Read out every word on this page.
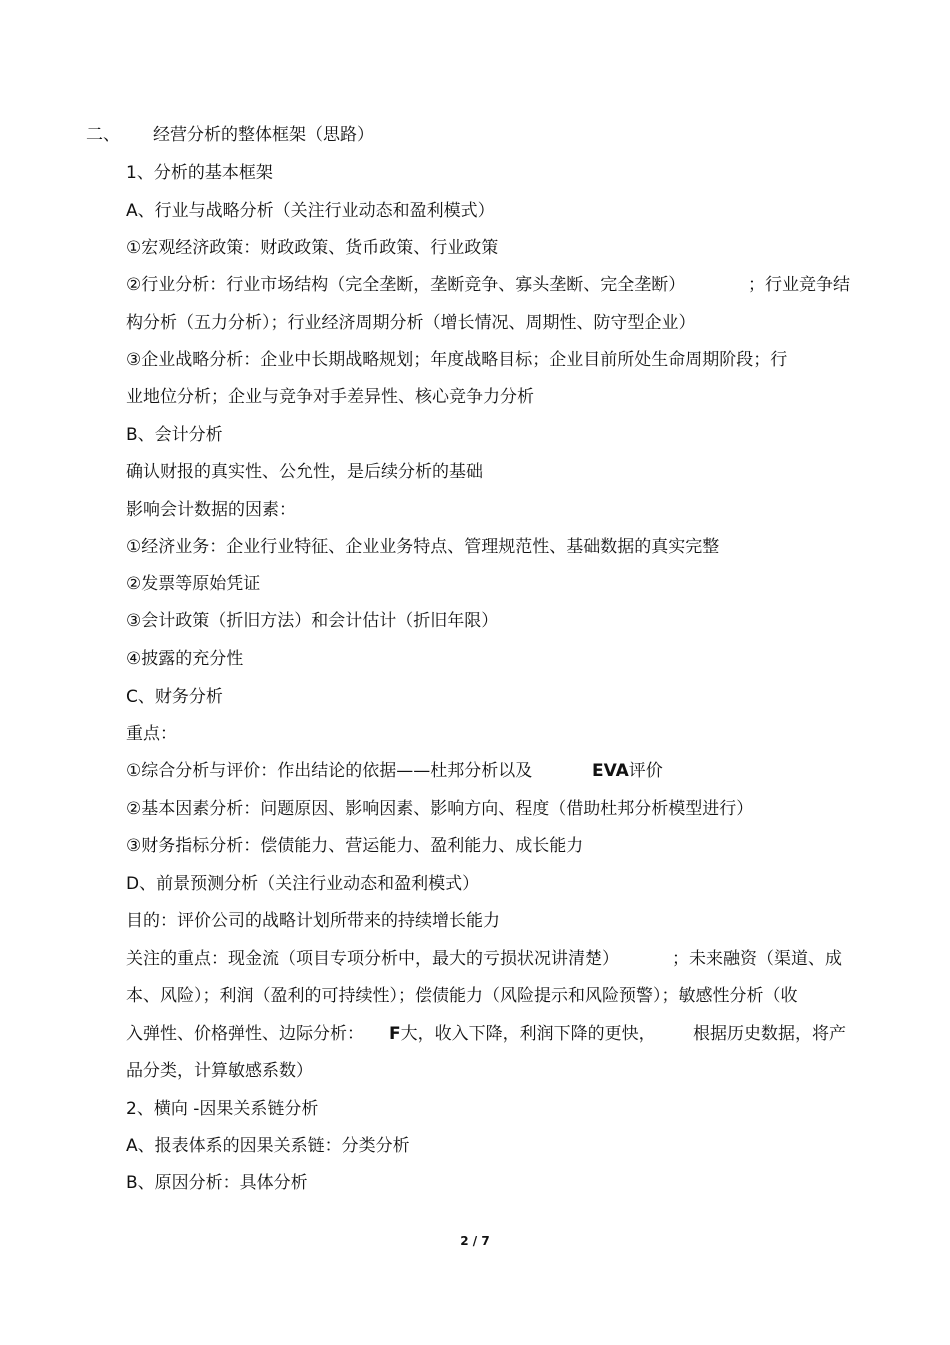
二、 经营分析的整体框架（思路）
1、分析的基本框架
A、行业与战略分析（关注行业动态和盈利模式）
①宏观经济政策：财政政策、货币政策、行业政策
②行业分析：行业市场结构（完全垄断，垄断竞争、寡头垄断、完全垄断）	；行业竞争结
构分析（五力分析）；行业经济周期分析（增长情况、周期性、防守型企业）
③企业战略分析：企业中长期战略规划；年度战略目标；企业目前所处生命周期阶段；行
业地位分析；企业与竞争对手差异性、核心竞争力分析
B、会计分析
确认财报的真实性、公允性，是后续分析的基础
影响会计数据的因素：
①经济业务：企业行业特征、企业业务特点、管理规范性、基础数据的真实完整
②发票等原始凭证
③会计政策（折旧方法）和会计估计（折旧年限）
④披露的充分性
C、财务分析
重点：
①综合分析与评价：作出结论的依据——杜邦分析以及	EVA评价
②基本因素分析：问题原因、影响因素、影响方向、程度（借助杜邦分析模型进行）
③财务指标分析：偿债能力、营运能力、盈利能力、成长能力
D、前景预测分析（关注行业动态和盈利模式）
目的：评价公司的战略计划所带来的持续增长能力
关注的重点：现金流（项目专项分析中，最大的亏损状况讲清楚）	；未来融资（渠道、成
本、风险）；利润（盈利的可持续性）；偿债能力（风险提示和风险预警）；敏感性分析（收
入弹性、价格弹性、边际分析： F大，收入下降，利润下降的更快， 根据历史数据，将产
品分类，计算敏感系数）
2、横向 -因果关系链分析
A、报表体系的因果关系链：分类分析
B、原因分析：具体分析
2 / 7
